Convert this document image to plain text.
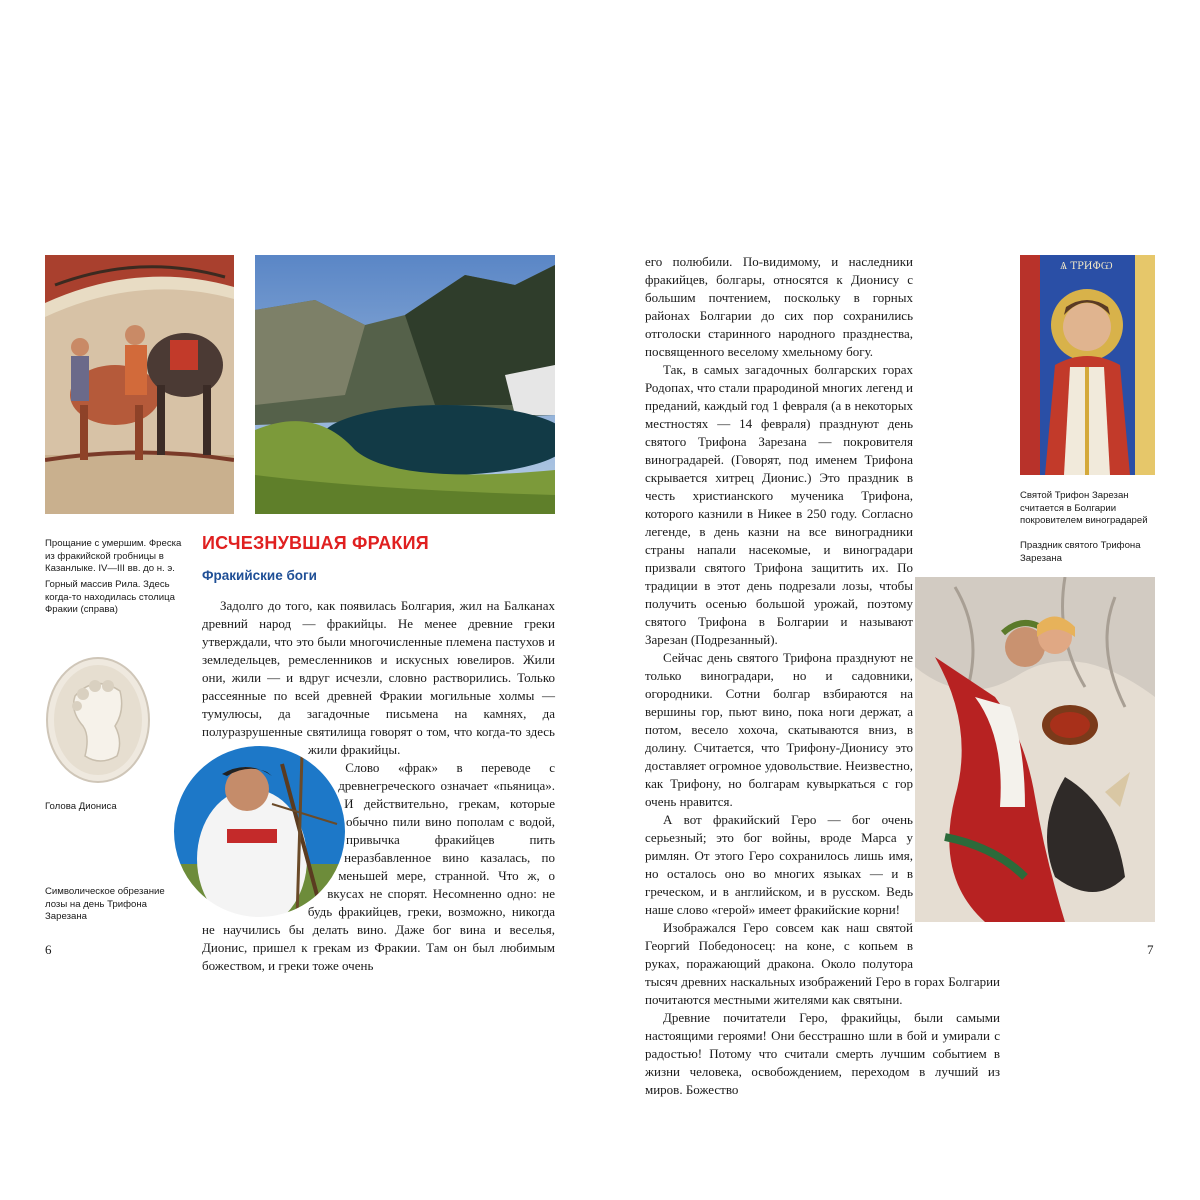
Прощание с умершим. Фреска из фракийской гробницы в Казанлыке. IV—III вв. до н. э.
Горный массив Рила. Здесь когда-то находилась столица Фракии (справа)
Голова Диониса
Символическое обрезание лозы на день Трифона Зарезана
ИСЧЕЗНУВШАЯ ФРАКИЯ
Фракийские боги

Задолго до того, как появилась Болгария, жил на Балканах древний народ — фракийцы. Не менее древние греки утверждали, что это были многочисленные племена пастухов и земледельцев, ремесленников и искусных ювелиров. Жили они, жили — и вдруг исчезли, словно растворились. Только рассеянные по всей древней Фракии могильные холмы — тумулюсы, да загадочные письмена на камнях, да полуразрушенные святилища говорят о том, что когда-то здесь жили фракийцы.

Слово «фрак» в переводе с древнегреческого означает «пьяница». И действительно, грекам, которые обычно пили вино пополам с водой, привычка фракийцев пить неразбавленное вино казалась, по меньшей мере, странной. Что ж, о вкусах не спорят. Несомненно одно: не будь фракийцев, греки, возможно, никогда не научились бы делать вино. Даже бог вина и веселья, Дионис, пришел к грекам из Фракии. Там он был любимым божеством, и греки тоже очень

6
Ѧ ТРИФѠ
Святой Трифон Зарезан считается в Болгарии покровителем виноградарей
Праздник святого Трифона Зарезана

его полюбили. По-видимому, и наследники фракийцев, болгары, относятся к Дионису с большим почтением, поскольку в горных районах Болгарии до сих пор сохранились отголоски старинного народного празднества, посвященного веселому хмельному богу.

Так, в самых загадочных болгарских горах Родопах, что стали прародиной многих легенд и преданий, каждый год 1 февраля (а в некоторых местностях — 14 февраля) празднуют день святого Трифона Зарезана — покровителя виноградарей. (Говорят, под именем Трифона скрывается хитрец Дионис.) Это праздник в честь христианского мученика Трифона, которого казнили в Никее в 250 году. Согласно легенде, в день казни на все виноградники страны напали насекомые, и виноградари призвали святого Трифона защитить их. По традиции в этот день подрезали лозы, чтобы получить осенью большой урожай, поэтому святого Трифона в Болгарии и называют Зарезан (Подрезанный).

Сейчас день святого Трифона празднуют не только виноградари, но и садовники, огородники. Сотни болгар взбираются на вершины гор, пьют вино, пока ноги держат, а потом, весело хохоча, скатываются вниз, в долину. Считается, что Трифону-Дионису это доставляет огромное удовольствие. Неизвестно, как Трифону, но болгарам кувыркаться с гор очень нравится.

А вот фракийский Геро — бог очень серьезный; это бог войны, вроде Марса у римлян. От этого Геро сохранилось лишь имя, но осталось оно во многих языках — и в греческом, и в английском, и в русском. Ведь наше слово «герой» имеет фракийские корни!

Изображался Геро совсем как наш святой Георгий Победоносец: на коне, с копьем в руках, поражающий дракона. Около полутора тысяч древних наскальных изображений Геро в горах Болгарии почитаются местными жителями как святыни.

Древние почитатели Геро, фракийцы, были самыми настоящими героями! Они бесстрашно шли в бой и умирали с радостью! Потому что считали смерть лучшим событием в жизни человека, освобождением, переходом в лучший из миров. Божество

7
